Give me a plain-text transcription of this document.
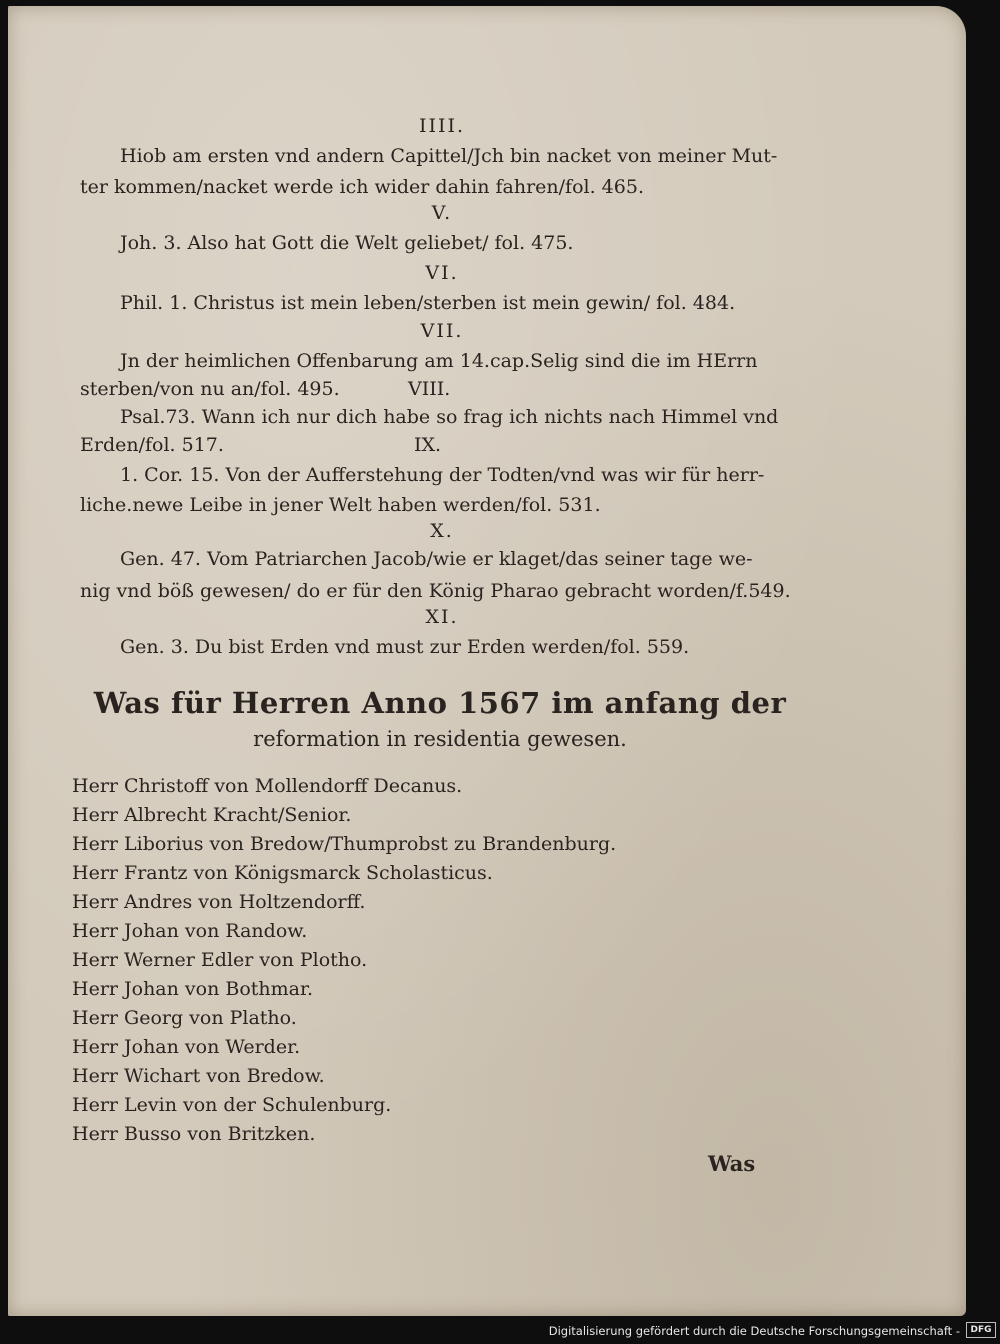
IIII.
Hiob am ersten vnd andern Capittel/Jch bin nacket von meiner Mut-
ter kommen/nacket werde ich wider dahin fahren/fol. 465.
V.
Joh. 3. Also hat Gott die Welt geliebet/ fol. 475.
VI.
Phil. 1. Christus ist mein leben/sterben ist mein gewin/ fol. 484.
VII.
Jn der heimlichen Offenbarung am 14.cap.Selig sind die im HErrn
sterben/von nu an/fol. 495.	VIII.
Psal.73. Wann ich nur dich habe so frag ich nichts nach Himmel vnd
Erden/fol. 517.	IX.
1. Cor. 15. Von der Aufferstehung der Todten/vnd was wir für herr-
liche.newe Leibe in jener Welt haben werden/fol. 531.
X.
Gen. 47. Vom Patriarchen Jacob/wie er klaget/das seiner tage we-
nig vnd böß gewesen/ do er für den König Pharao gebracht worden/f.549.
XI.
Gen. 3. Du bist Erden vnd must zur Erden werden/fol. 559.
Was für Herren Anno 1567 im anfang der
reformation in residentia gewesen.
Herr Christoff von Mollendorff Decanus.
Herr Albrecht Kracht/Senior.
Herr Liborius von Bredow/Thumprobst zu Brandenburg.
Herr Frantz von Königsmarck Scholasticus.
Herr Andres von Holtzendorff.
Herr Johan von Randow.
Herr Werner Edler von Plotho.
Herr Johan von Bothmar.
Herr Georg von Platho.
Herr Johan von Werder.
Herr Wichart von Bredow.
Herr Levin von der Schulenburg.
Herr Busso von Britzken.
Was
Digitalisierung gefördert durch die Deutsche Forschungsgemeinschaft -	DFG
